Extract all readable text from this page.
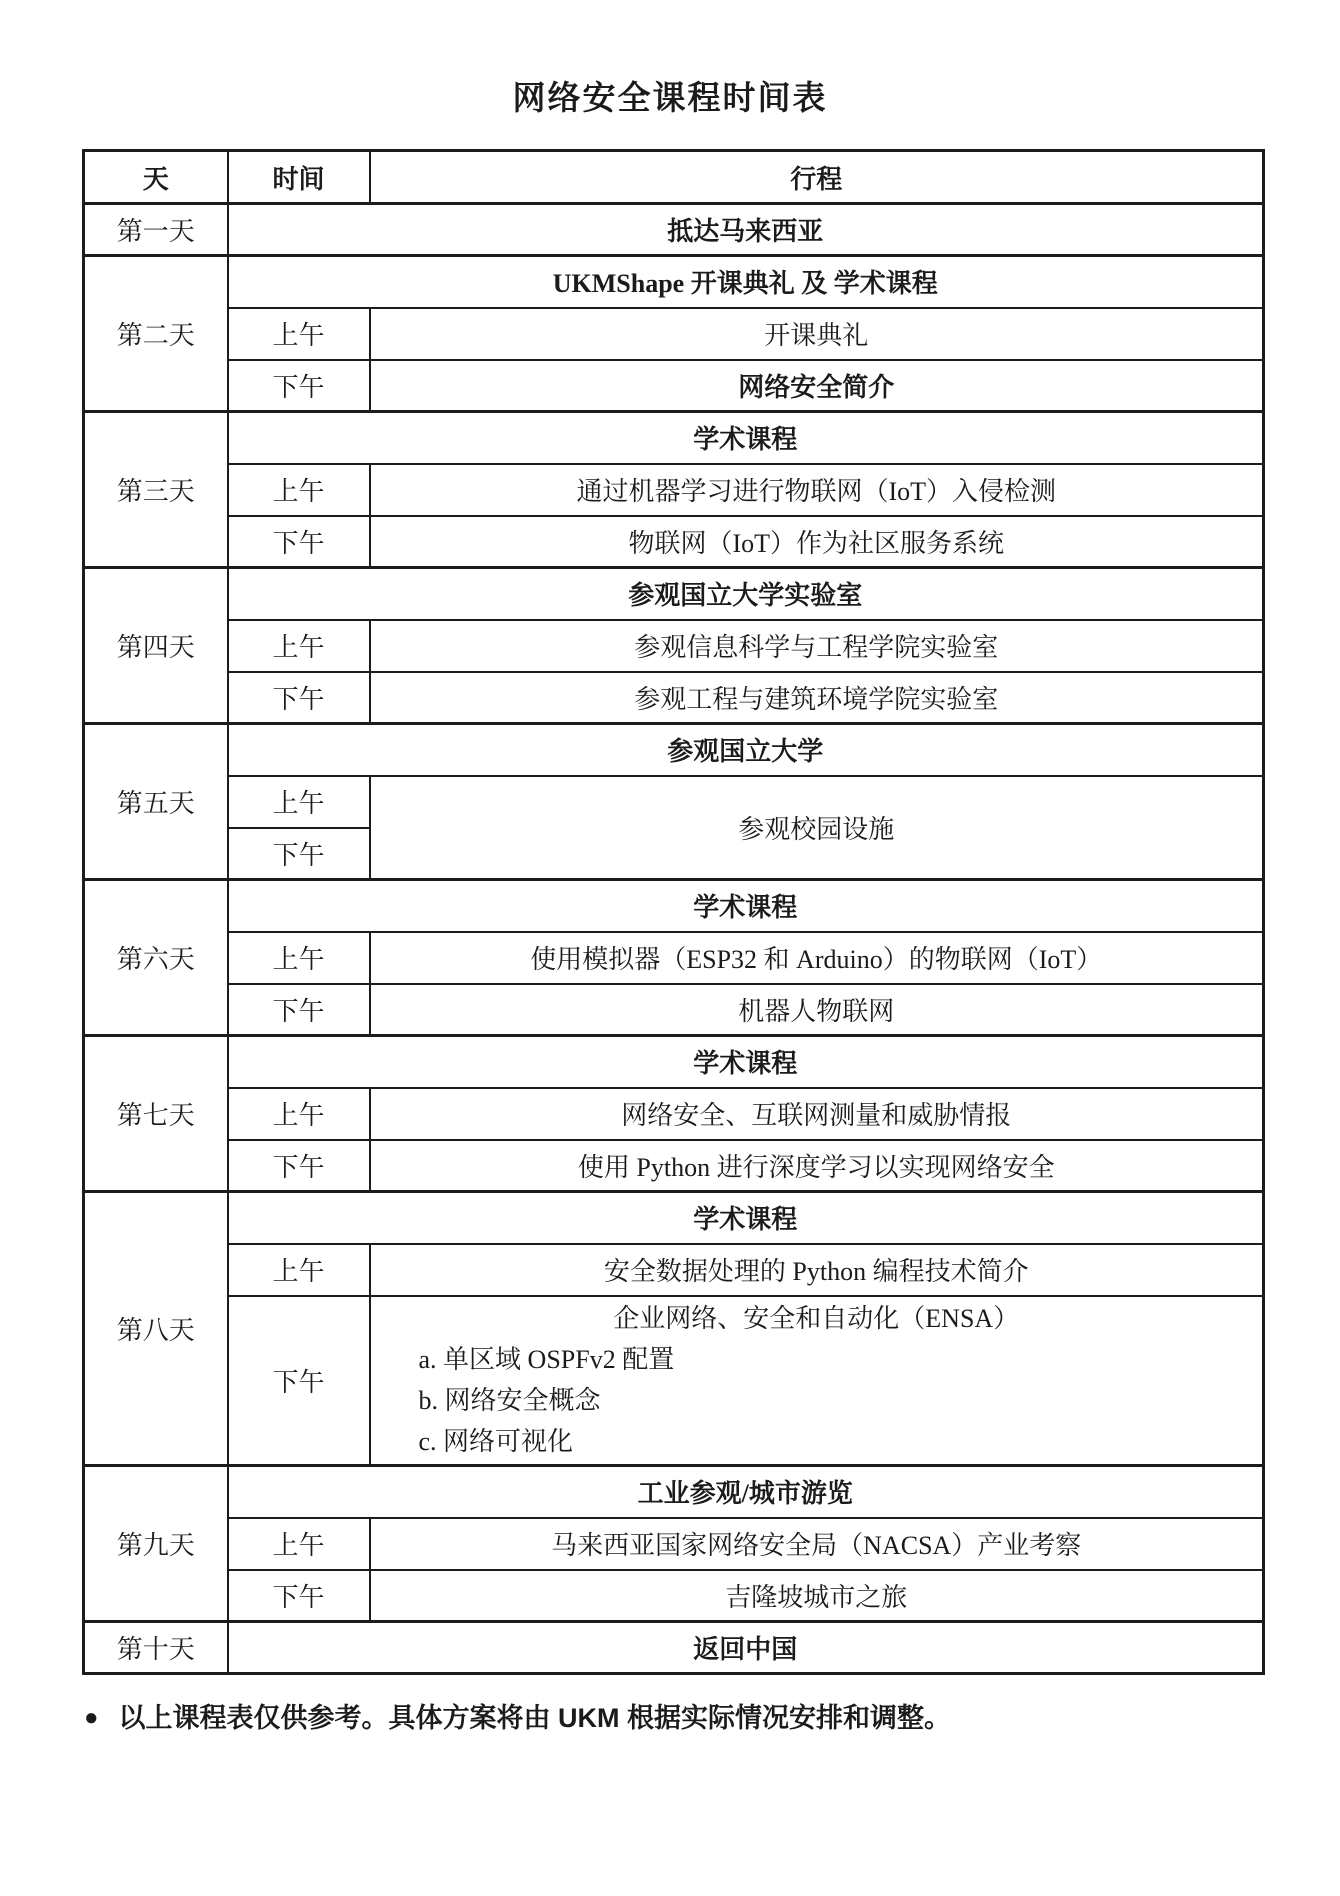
网络安全课程时间表
天	时间	行程
第一天	抵达马来西亚	
第二天	UKMShape 开课典礼 及 学术课程	
	上午	开课典礼
	下午	网络安全简介
第三天	学术课程	
	上午	通过机器学习进行物联网（IoT）入侵检测
	下午	物联网（IoT）作为社区服务系统
第四天	参观国立大学实验室	
	上午	参观信息科学与工程学院实验室
	下午	参观工程与建筑环境学院实验室
第五天	参观国立大学	
	上午	参观校园设施
	下午	
第六天	学术课程	
	上午	使用模拟器（ESP32 和 Arduino）的物联网（IoT）
	下午	机器人物联网
第七天	学术课程	
	上午	网络安全、互联网测量和威胁情报
	下午	使用 Python 进行深度学习以实现网络安全
第八天	学术课程	
	上午	安全数据处理的 Python 编程技术简介
	下午	企业网络、安全和自动化（ENSA）
a. 单区域 OSPFv2 配置
b. 网络安全概念
c. 网络可视化

第九天	工业参观/城市游览	
	上午	马来西亚国家网络安全局（NACSA）产业考察
	下午	吉隆坡城市之旅
第十天	返回中国	
● 以上课程表仅供参考。具体方案将由 UKM 根据实际情况安排和调整。
